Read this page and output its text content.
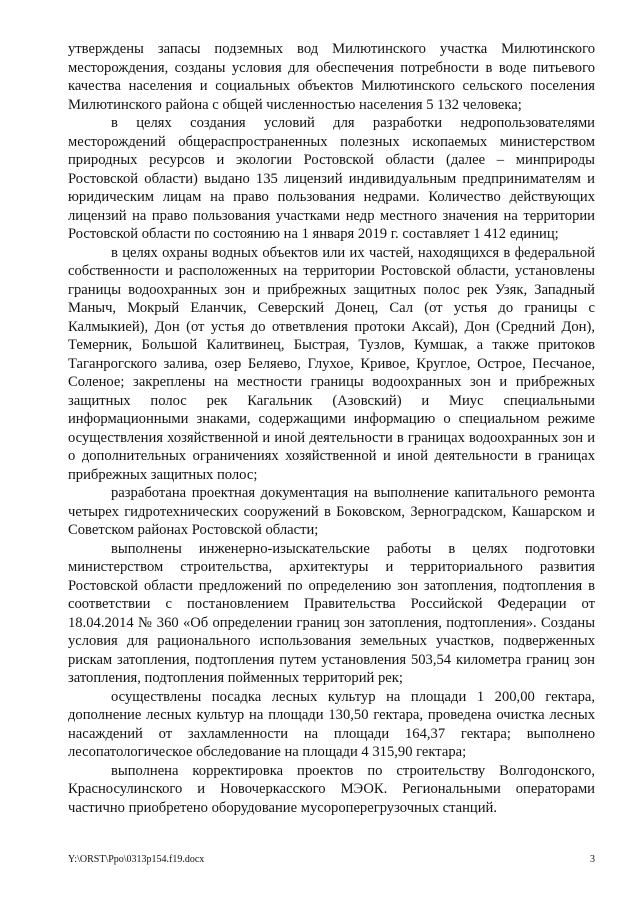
утверждены запасы подземных вод Милютинского участка Милютинского месторождения, созданы условия для обеспечения потребности в воде питьевого качества населения и социальных объектов Милютинского сельского поселения Милютинского района с общей численностью населения 5 132 человека;

в целях создания условий для разработки недропользователями месторождений общераспространенных полезных ископаемых министерством природных ресурсов и экологии Ростовской области (далее – минприроды Ростовской области) выдано 135 лицензий индивидуальным предпринимателям и юридическим лицам на право пользования недрами. Количество действующих лицензий на право пользования участками недр местного значения на территории Ростовской области по состоянию на 1 января 2019 г. составляет 1 412 единиц;

в целях охраны водных объектов или их частей, находящихся в федеральной собственности и расположенных на территории Ростовской области, установлены границы водоохранных зон и прибрежных защитных полос рек Узяк, Западный Маныч, Мокрый Еланчик, Северский Донец, Сал (от устья до границы с Калмыкией), Дон (от устья до ответвления протоки Аксай), Дон (Средний Дон), Темерник, Большой Калитвинец, Быстрая, Тузлов, Кумшак, а также притоков Таганрогского залива, озер Беляево, Глухое, Кривое, Круглое, Острое, Песчаное, Соленое; закреплены на местности границы водоохранных зон и прибрежных защитных полос рек Кагальник (Азовский) и Миус специальными информационными знаками, содержащими информацию о специальном режиме осуществления хозяйственной и иной деятельности в границах водоохранных зон и о дополнительных ограничениях хозяйственной и иной деятельности в границах прибрежных защитных полос;

разработана проектная документация на выполнение капитального ремонта четырех гидротехнических сооружений в Боковском, Зерноградском, Кашарском и Советском районах Ростовской области;

выполнены инженерно-изыскательские работы в целях подготовки министерством строительства, архитектуры и территориального развития Ростовской области предложений по определению зон затопления, подтопления в соответствии с постановлением Правительства Российской Федерации от 18.04.2014 № 360 «Об определении границ зон затопления, подтопления». Созданы условия для рационального использования земельных участков, подверженных рискам затопления, подтопления путем установления 503,54 километра границ зон затопления, подтопления пойменных территорий рек;

осуществлены посадка лесных культур на площади 1 200,00 гектара, дополнение лесных культур на площади 130,50 гектара, проведена очистка лесных насаждений от захламленности на площади 164,37 гектара; выполнено лесопатологическое обследование на площади 4 315,90 гектара;

выполнена корректировка проектов по строительству Волгодонского, Красносулинского и Новочеркасского МЭОК. Региональными операторами частично приобретено оборудование мусороперегрузочных станций.

Y:\ORST\Ppo\0313p154.f19.docx	3
